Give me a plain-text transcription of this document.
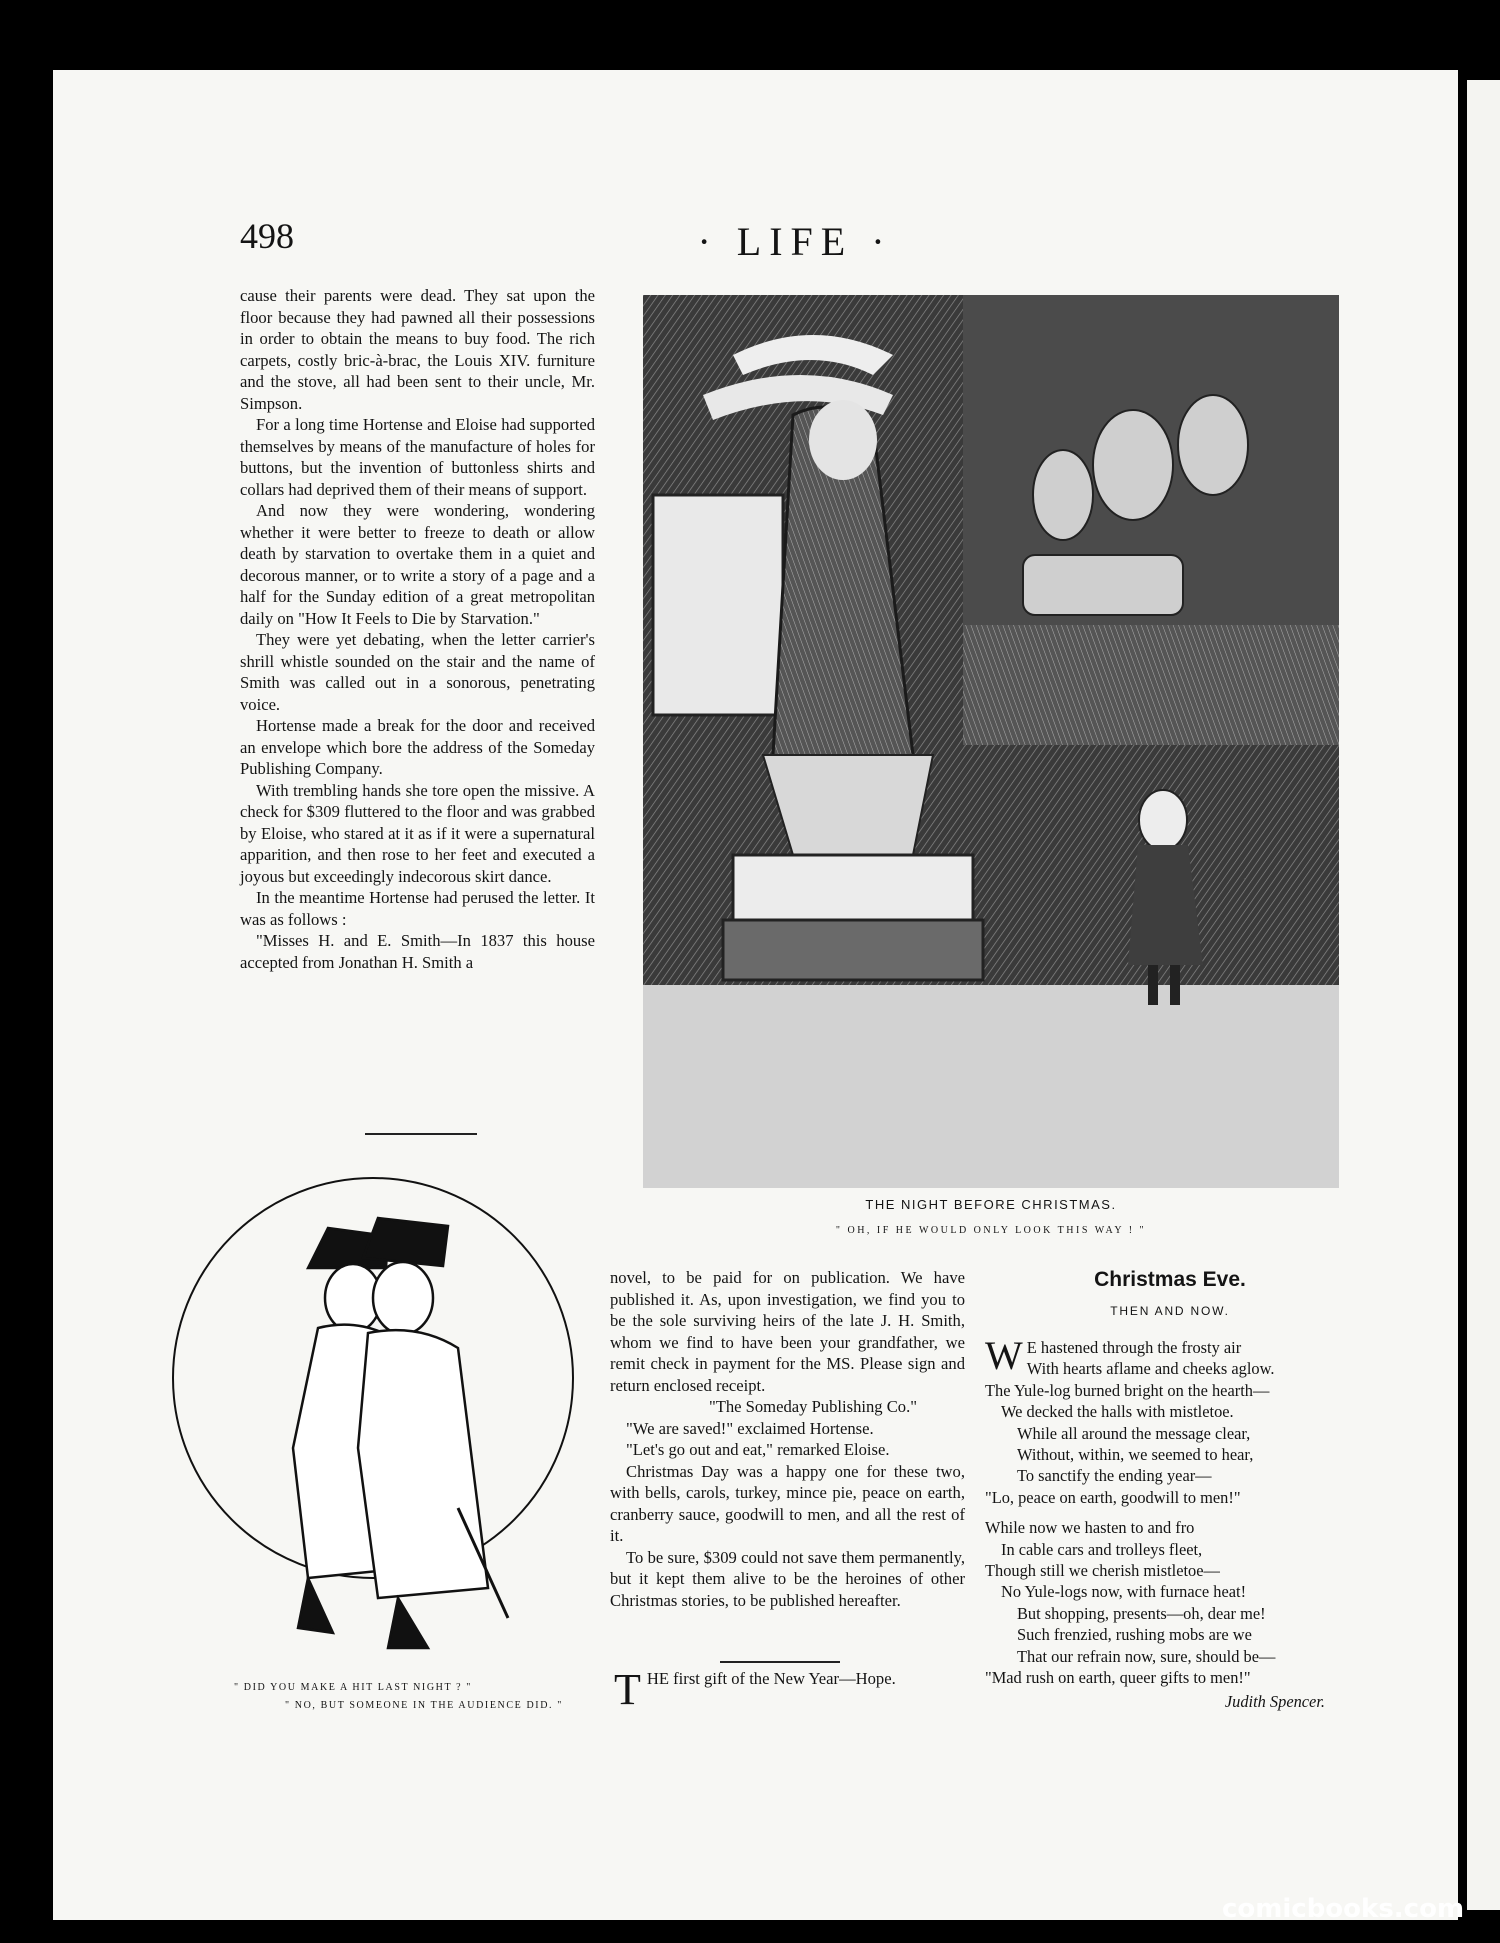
498	· LIFE ·

cause their parents were dead. They sat upon the floor because they had pawned all their possessions in order to obtain the means to buy food. The rich carpets, costly bric-à-brac, the Louis XIV. furniture and the stove, all had been sent to their uncle, Mr. Simpson.

For a long time Hortense and Eloise had supported themselves by means of the manufacture of holes for buttons, but the invention of buttonless shirts and collars had deprived them of their means of support.

And now they were wondering, wondering whether it were better to freeze to death or allow death by starvation to overtake them in a quiet and decorous manner, or to write a story of a page and a half for the Sunday edition of a great metropolitan daily on "How It Feels to Die by Starvation."

They were yet debating, when the letter carrier's shrill whistle sounded on the stair and the name of Smith was called out in a sonorous, penetrating voice.

Hortense made a break for the door and received an envelope which bore the address of the Someday Publishing Company.

With trembling hands she tore open the missive. A check for $309 fluttered to the floor and was grabbed by Eloise, who stared at it as if it were a supernatural apparition, and then rose to her feet and executed a joyous but exceedingly indecorous skirt dance.

In the meantime Hortense had perused the letter. It was as follows :

"Misses H. and E. Smith—In 1837 this house accepted from Jonathan H. Smith a

THE NIGHT BEFORE CHRISTMAS.
" OH, IF HE WOULD ONLY LOOK THIS WAY ! "
" DID YOU MAKE A HIT LAST NIGHT ? "
" NO, BUT SOMEONE IN THE AUDIENCE DID. "

novel, to be paid for on publication. We have published it. As, upon investigation, we find you to be the sole surviving heirs of the late J. H. Smith, whom we find to have been your grandfather, we remit check in payment for the MS. Please sign and return enclosed receipt.

"The Someday Publishing Co."

"We are saved!" exclaimed Hortense.

"Let's go out and eat," remarked Eloise.

Christmas Day was a happy one for these two, with bells, carols, turkey, mince pie, peace on earth, cranberry sauce, goodwill to men, and all the rest of it.

To be sure, $309 could not save them permanently, but it kept them alive to be the heroines of other Christmas stories, to be published hereafter.

T HE first gift of the New Year—Hope.
Christmas Eve.
THEN AND NOW.
W E hastened through the frosty air
With hearts aflame and cheeks aglow.
The Yule-log burned bright on the hearth—
We decked the halls with mistletoe.
While all around the message clear,
Without, within, we seemed to hear,
To sanctify the ending year—
"Lo, peace on earth, goodwill to men!"
While now we hasten to and fro
In cable cars and trolleys fleet,
Though still we cherish mistletoe—
No Yule-logs now, with furnace heat!
But shopping, presents—oh, dear me!
Such frenzied, rushing mobs are we
That our refrain now, sure, should be—
"Mad rush on earth, queer gifts to men!"
Judith Spencer.
comicbooks.com
